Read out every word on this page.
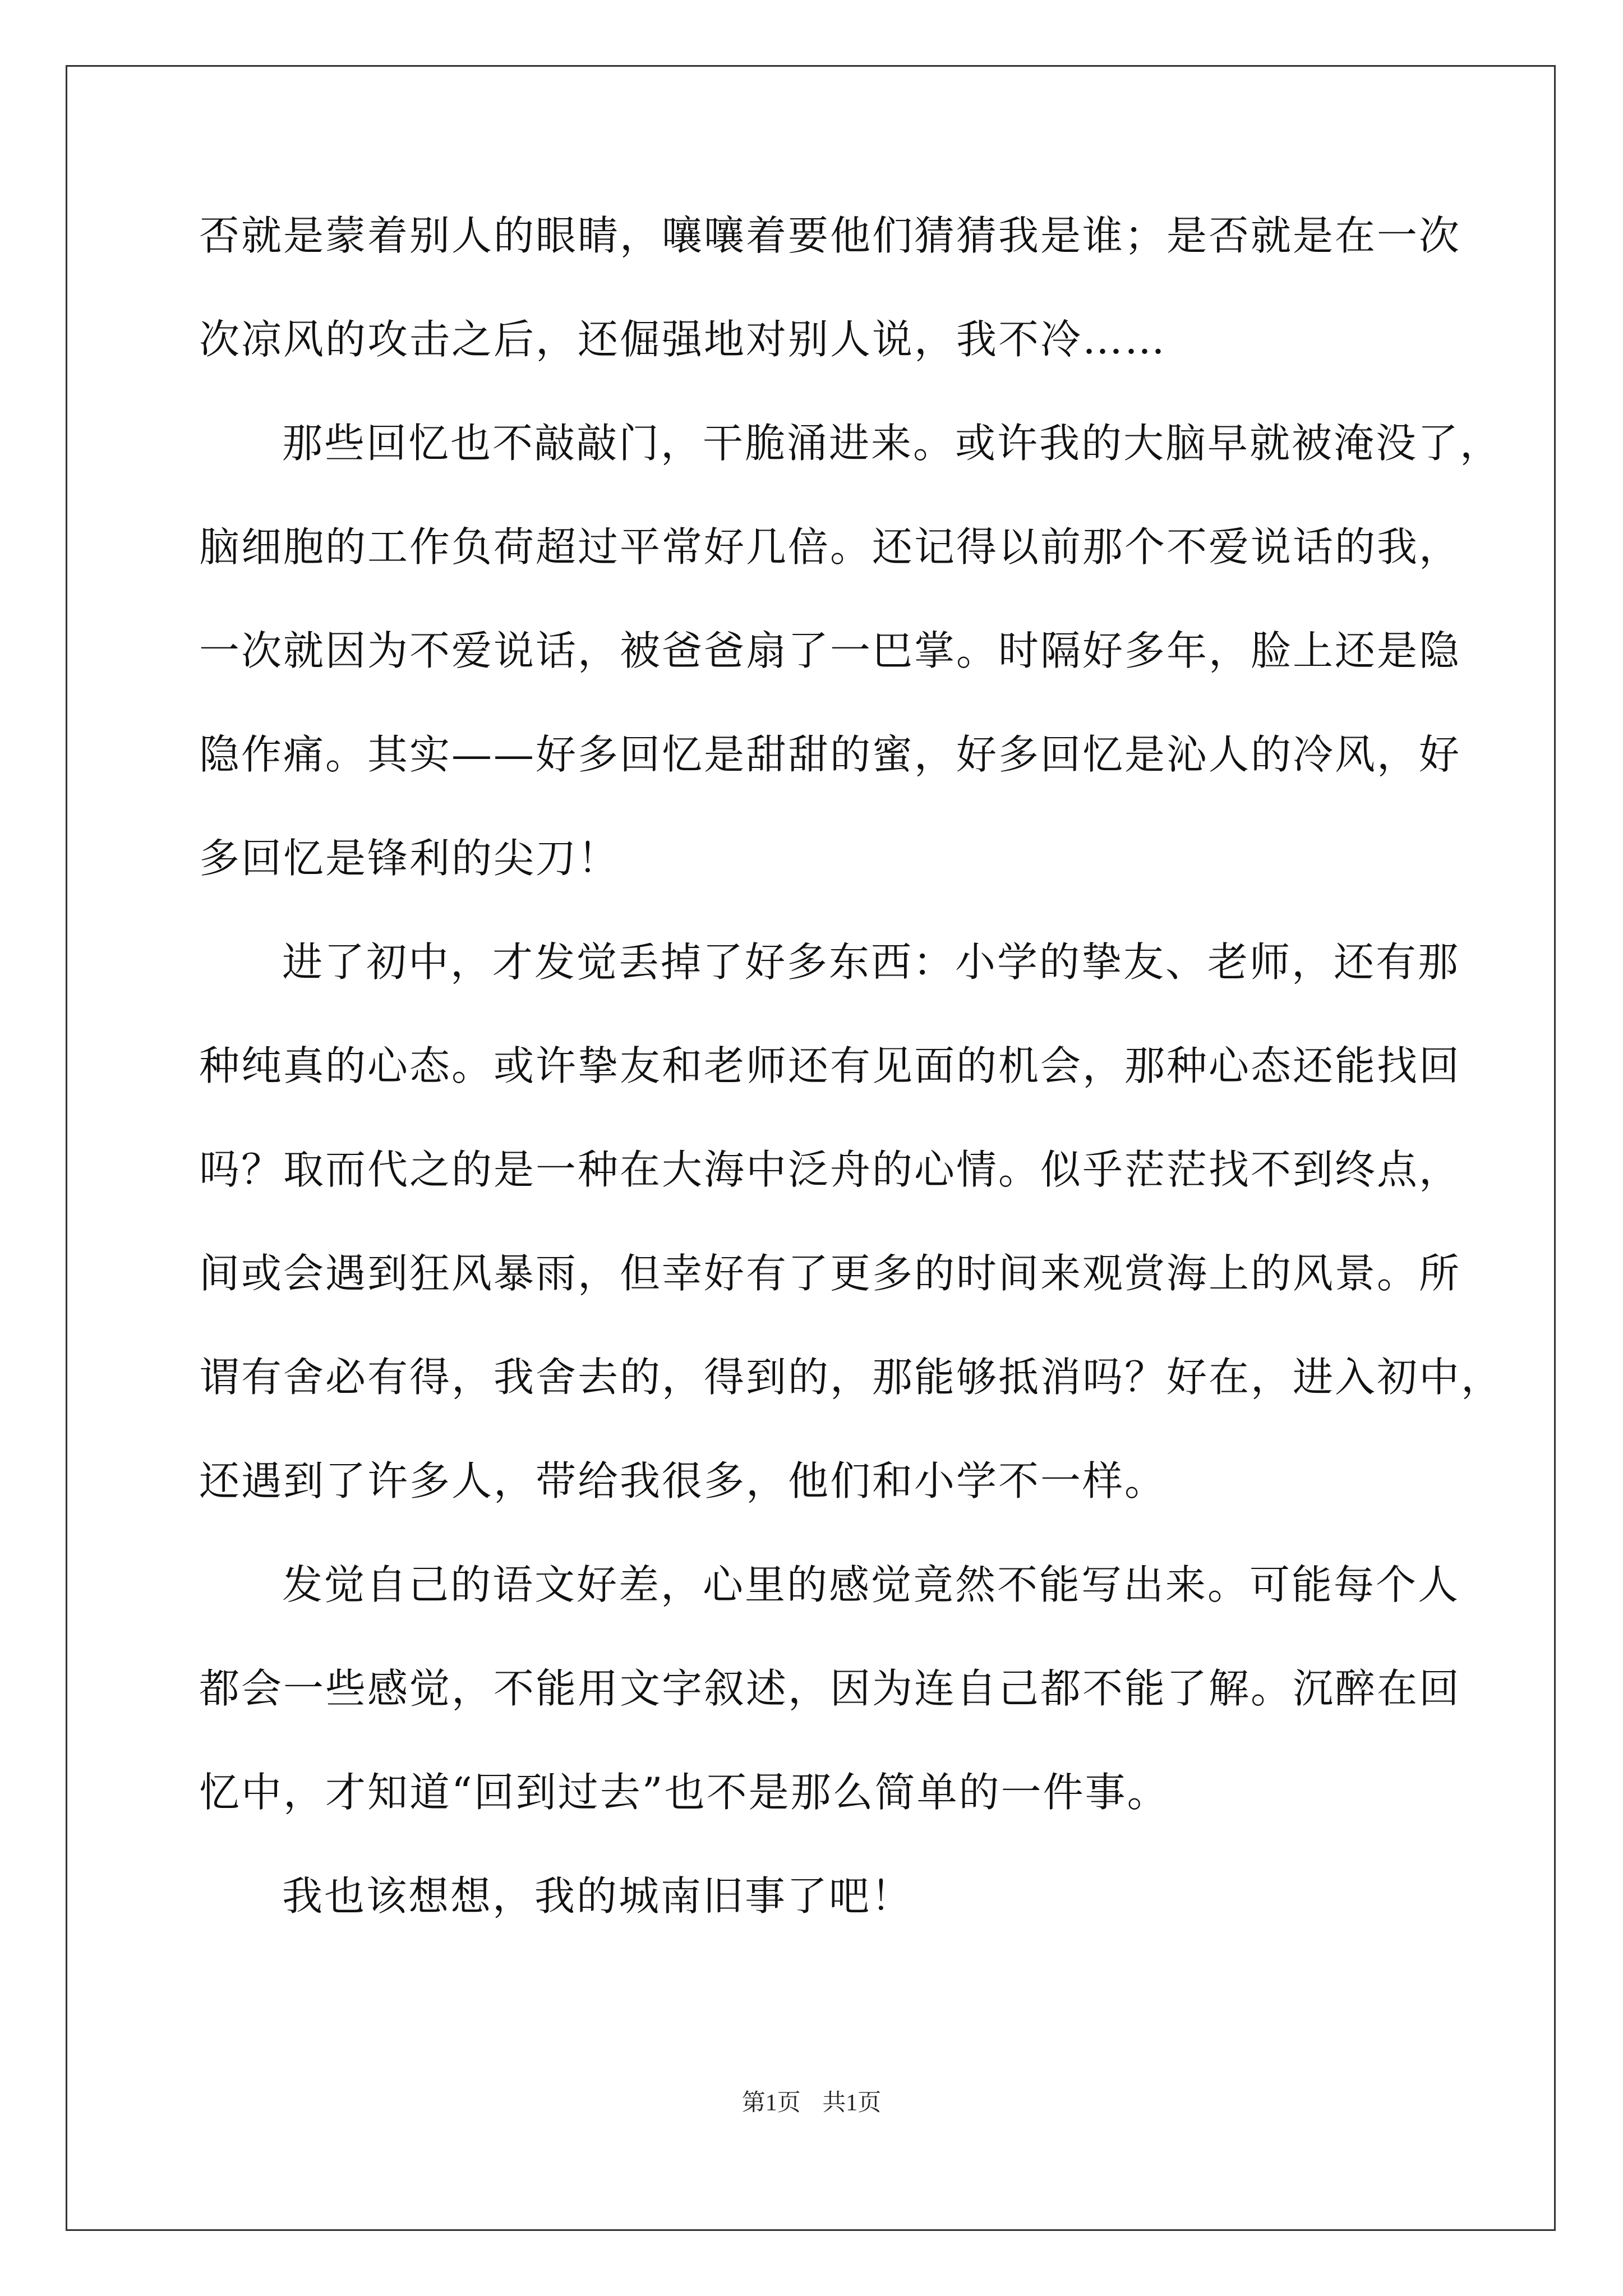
否就是蒙着别人的眼睛，嚷嚷着要他们猜猜我是谁；是否就是在一次
次凉风的攻击之后，还倔强地对别人说，我不冷……
那些回忆也不敲敲门，干脆涌进来。或许我的大脑早就被淹没了，
脑细胞的工作负荷超过平常好几倍。还记得以前那个不爱说话的我，
一次就因为不爱说话，被爸爸扇了一巴掌。时隔好多年，脸上还是隐
隐作痛。其实——好多回忆是甜甜的蜜，好多回忆是沁人的冷风，好
多回忆是锋利的尖刀！
进了初中，才发觉丢掉了好多东西：小学的挚友、老师，还有那
种纯真的心态。或许挚友和老师还有见面的机会，那种心态还能找回
吗？取而代之的是一种在大海中泛舟的心情。似乎茫茫找不到终点，
间或会遇到狂风暴雨，但幸好有了更多的时间来观赏海上的风景。所
谓有舍必有得，我舍去的，得到的，那能够抵消吗？好在，进入初中，
还遇到了许多人，带给我很多，他们和小学不一样。
发觉自己的语文好差，心里的感觉竟然不能写出来。可能每个人
都会一些感觉，不能用文字叙述，因为连自己都不能了解。沉醉在回
忆中，才知道“回到过去”也不是那么简单的一件事。
我也该想想，我的城南旧事了吧！
第1页 共1页
